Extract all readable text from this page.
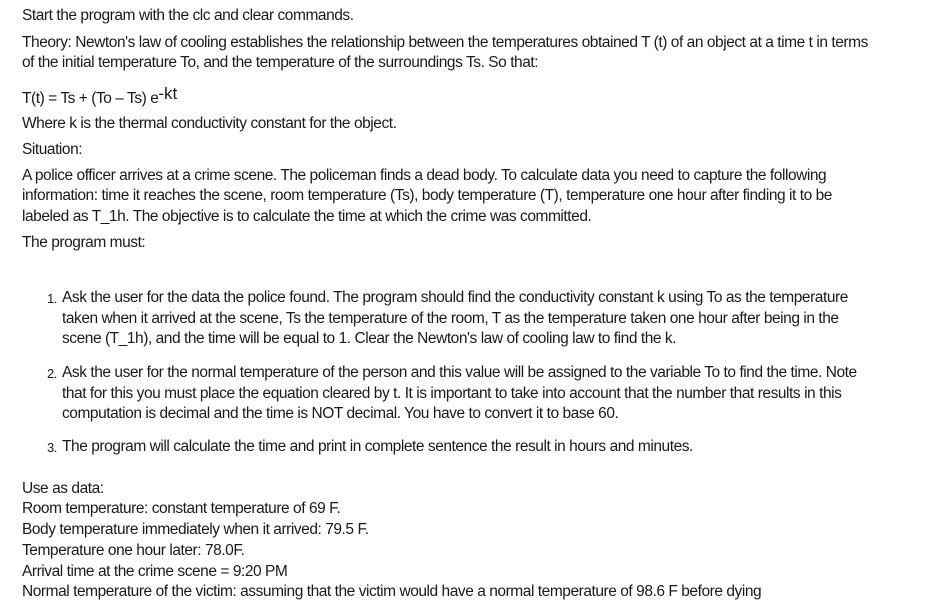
Start the program with the clc and clear commands.
Theory: Newton's law of cooling establishes the relationship between the temperatures obtained T (t) of an object at a time t in terms
of the initial temperature To, and the temperature of the surroundings Ts. So that:
T(t) = Ts + (To – Ts) $e^{-kt}$
Where k is the thermal conductivity constant for the object.
Situation:
A police officer arrives at a crime scene. The policeman finds a dead body. To calculate data you need to capture the following
information: time it reaches the scene, room temperature (Ts), body temperature (T), temperature one hour after finding it to be
labeled as T_1h. The objective is to calculate the time at which the crime was committed.
The program must:
1. Ask the user for the data the police found. The program should find the conductivity constant k using To as the temperature
taken when it arrived at the scene, Ts the temperature of the room, T as the temperature taken one hour after being in the
scene (T_1h), and the time will be equal to 1. Clear the Newton's law of cooling law to find the k.
2. Ask the user for the normal temperature of the person and this value will be assigned to the variable To to find the time. Note
that for this you must place the equation cleared by t. It is important to take into account that the number that results in this
computation is decimal and the time is NOT decimal. You have to convert it to base 60.
3. The program will calculate the time and print in complete sentence the result in hours and minutes.
Use as data:
Room temperature: constant temperature of 69 F.
Body temperature immediately when it arrived: 79.5 F.
Temperature one hour later: 78.0F.
Arrival time at the crime scene = 9:20 PM
Normal temperature of the victim: assuming that the victim would have a normal temperature of 98.6 F before dying
